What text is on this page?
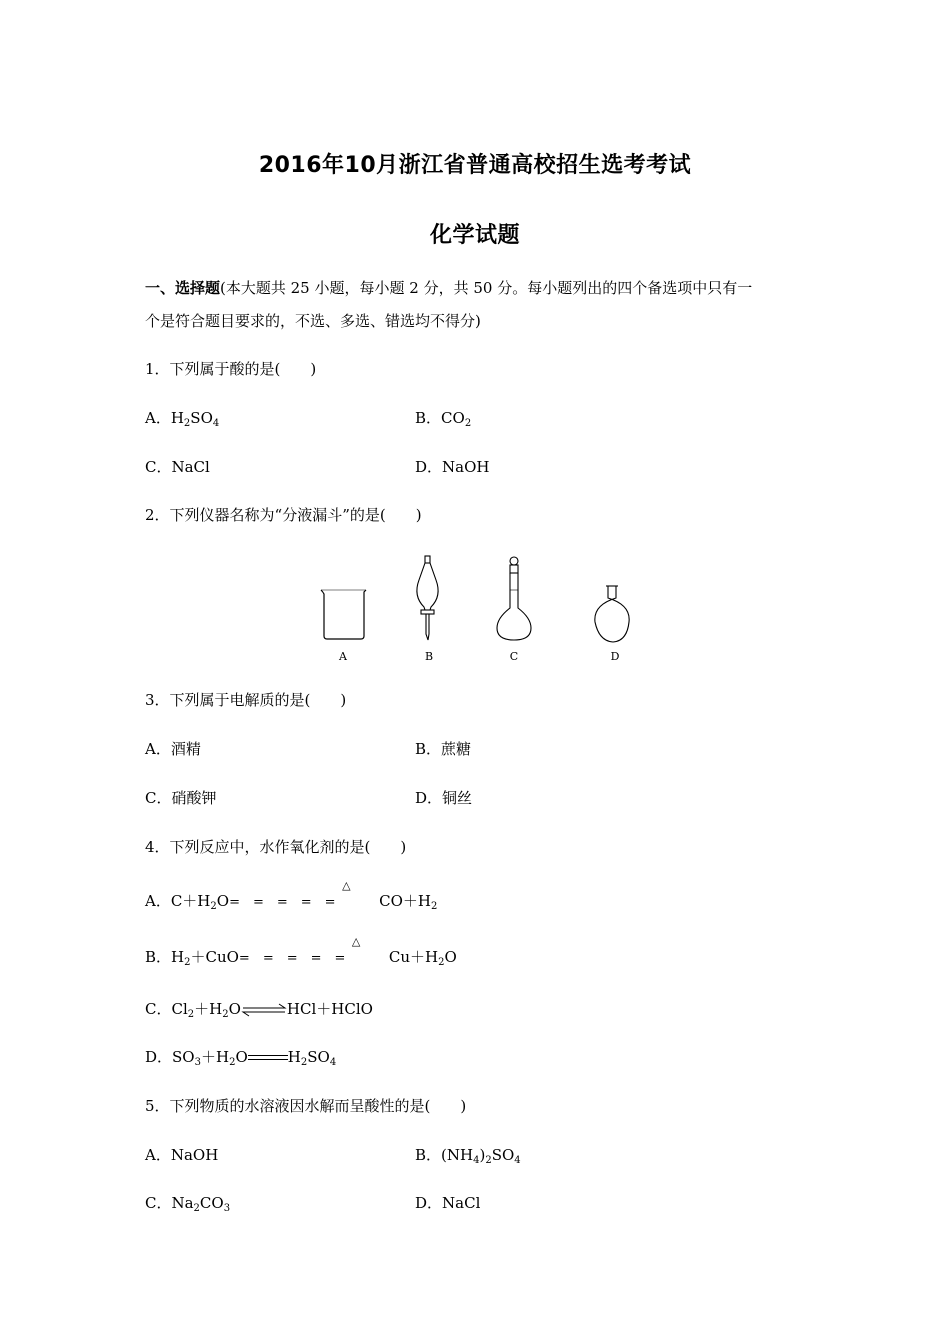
2016年10月浙江省普通高校招生选考考试
化学试题
一、选择题(本大题共 25 小题，每小题 2 分，共 50 分。每小题列出的四个备选项中只有一
个是符合题目要求的，不选、多选、错选均不得分)
1．下列属于酸的是(　　)
A．$H_2SO_4$	B．$CO_2$
C．NaCl	D．NaOH
2．下列仪器名称为“分液漏斗”的是(　　)
A	B	C	D
3．下列属于电解质的是(　　)
A．酒精	B．蔗糖
C．硝酸钾	D．铜丝
4．下列反应中，水作氧化剂的是(　　)
A．$C+H_2O$
△
=　=　=　=　=	$CO+H_2$
B．$H_2+CuO$
△
=　=　=　=　=	$Cu+H_2O$
C．$Cl_2+H_2O\rightleftharpoons HCl+HClO$
D．$SO_3+H_2O$	$H_2SO_4$
5．下列物质的水溶液因水解而呈酸性的是(　　)
A．NaOH	B．$(NH_4)_2SO_4$
C．$Na_2CO_3$	D．NaCl
